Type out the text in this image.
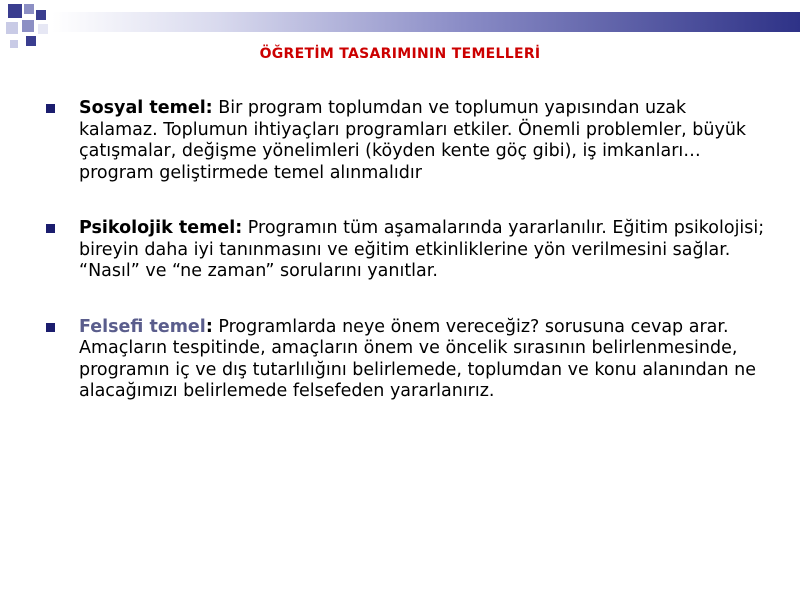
ÖĞRETİM TASARIMININ TEMELLERİ
Sosyal temel: Bir program toplumdan ve toplumun yapısından uzak kalamaz. Toplumun ihtiyaçları programları etkiler. Önemli problemler, büyük çatışmalar, değişme yönelimleri (köyden kente göç gibi), iş imkanları… program geliştirmede temel alınmalıdır
Psikolojik temel: Programın tüm aşamalarında yararlanılır. Eğitim psikolojisi; bireyin daha iyi tanınmasını ve eğitim etkinliklerine yön verilmesini sağlar. “Nasıl” ve “ne zaman” sorularını yanıtlar.
Felsefi temel: Programlarda neye önem vereceğiz? sorusuna cevap arar. Amaçların tespitinde, amaçların önem ve öncelik sırasının belirlenmesinde, programın iç ve dış tutarlılığını belirlemede, toplumdan ve konu alanından ne alacağımızı belirlemede felsefeden yararlanırız.
